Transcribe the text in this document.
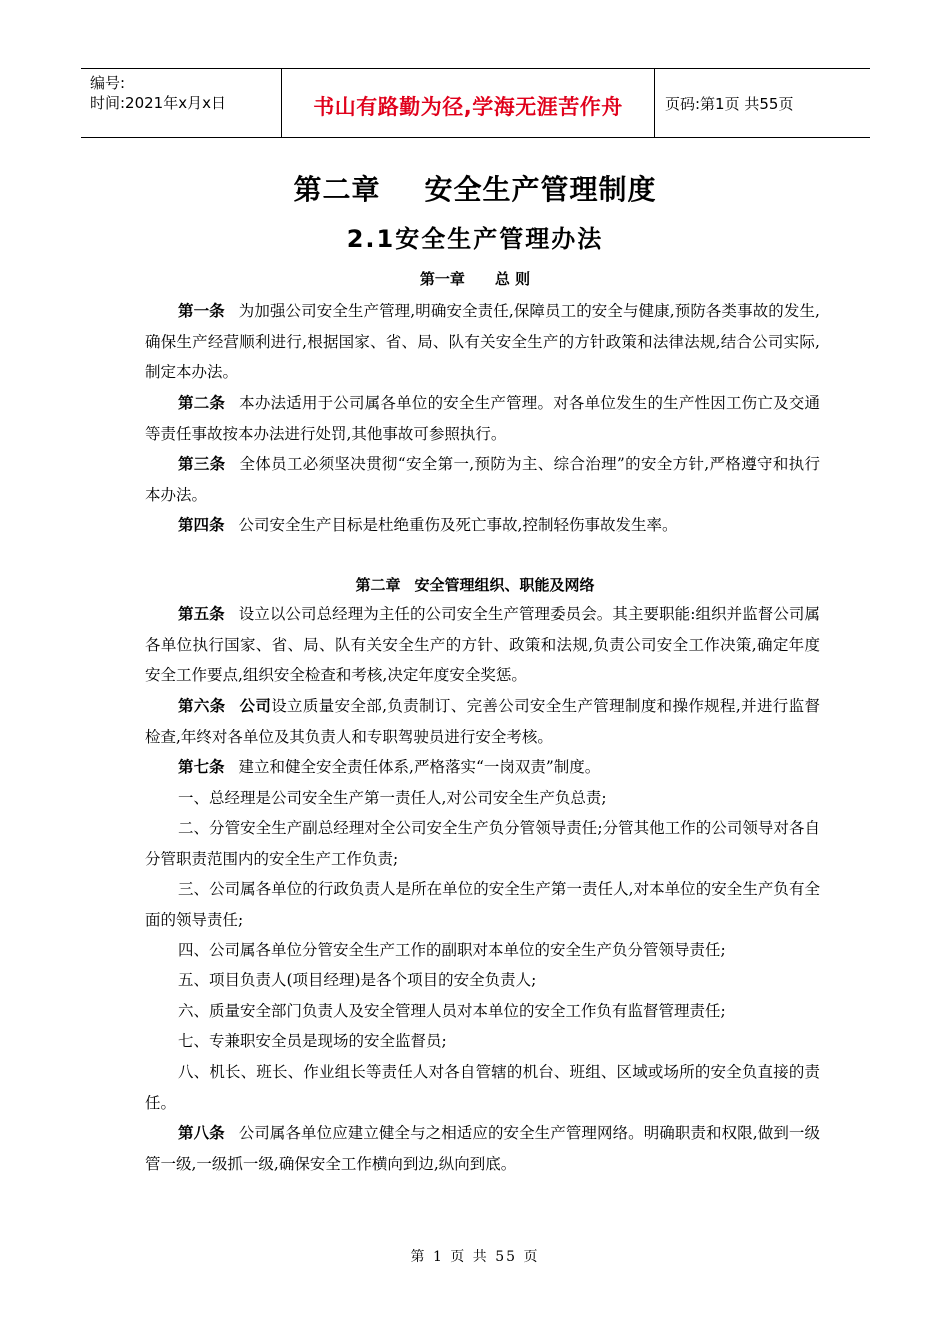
编号:
时间:2021年x月x日	书山有路勤为径,学海无涯苦作舟	页码:第1页 共55页
第二章 安全生产管理制度
2.1安全生产管理办法
第一章 总 则
第一条 为加强公司安全生产管理,明确安全责任,保障员工的安全与健康,预防各类事故的发生,确保生产经营顺利进行,根据国家、省、局、队有关安全生产的方针政策和法律法规,结合公司实际,制定本办法。
第二条 本办法适用于公司属各单位的安全生产管理。对各单位发生的生产性因工伤亡及交通等责任事故按本办法进行处罚,其他事故可参照执行。
第三条 全体员工必须坚决贯彻“安全第一,预防为主、综合治理”的安全方针,严格遵守和执行本办法。
第四条 公司安全生产目标是杜绝重伤及死亡事故,控制轻伤事故发生率。
第二章 安全管理组织、职能及网络
第五条 设立以公司总经理为主任的公司安全生产管理委员会。其主要职能:组织并监督公司属各单位执行国家、省、局、队有关安全生产的方针、政策和法规,负责公司安全工作决策,确定年度安全工作要点,组织安全检查和考核,决定年度安全奖惩。
第六条 公司设立质量安全部,负责制订、完善公司安全生产管理制度和操作规程,并进行监督检查,年终对各单位及其负责人和专职驾驶员进行安全考核。
第七条 建立和健全安全责任体系,严格落实“一岗双责”制度。
一、总经理是公司安全生产第一责任人,对公司安全生产负总责;
二、分管安全生产副总经理对全公司安全生产负分管领导责任;分管其他工作的公司领导对各自分管职责范围内的安全生产工作负责;
三、公司属各单位的行政负责人是所在单位的安全生产第一责任人,对本单位的安全生产负有全面的领导责任;
四、公司属各单位分管安全生产工作的副职对本单位的安全生产负分管领导责任;
五、项目负责人(项目经理)是各个项目的安全负责人;
六、质量安全部门负责人及安全管理人员对本单位的安全工作负有监督管理责任;
七、专兼职安全员是现场的安全监督员;
八、机长、班长、作业组长等责任人对各自管辖的机台、班组、区域或场所的安全负直接的责任。
第八条 公司属各单位应建立健全与之相适应的安全生产管理网络。明确职责和权限,做到一级管一级,一级抓一级,确保安全工作横向到边,纵向到底。
第 1 页 共 55 页
